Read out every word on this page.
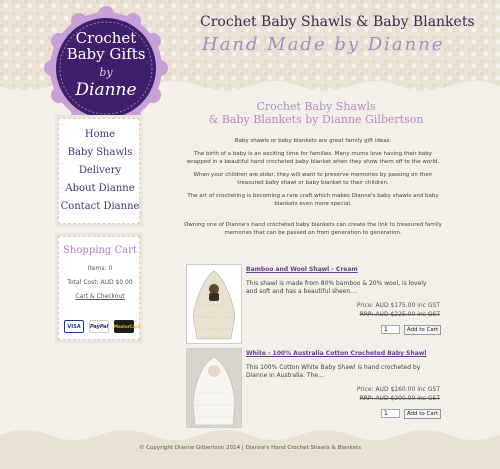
Crochet
Baby Gifts
by
Dianne
Crochet Baby Shawls & Baby Blankets
Hand Made by Dianne
Home
Baby Shawls
Delivery
About Dianne
Contact Dianne
Shopping Cart
Items: 0
Total Cost: AUD $0.00
Cart & Checkout
VISA	PayPal MasterCard
Crochet Baby Shawls
& Baby Blankets by Dianne Gilbertson
Baby shawls or baby blankets are great family gift ideas.
The birth of a baby is an exciting time for families. Many mums love having their baby wrapped in a beautiful hand crocheted baby blanket when they show them off to the world.
When your children are older, they will want to preserve memories by passing on their treasured baby shawl or baby blanket to their children.
The art of crocheting is becoming a rare craft which makes Dianne's baby shawls and baby blankets even more special.
Owning one of Dianne's hand crocheted baby blankets can create the link to treasured family memories that can be passed on from generation to generation.
Bamboo and Wool Shawl - Cream
This shawl is made from 80% bamboo & 20% wool, is lovely and soft and has a beautiful sheen....
Price: AUD $175.00 inc GST
RRP: AUD $225.00 inc GST
1
Add to Cart
White - 100% Australia Cotton Crocheted Baby Shawl
This 100% Cotton White Baby Shawl is hand crocheted by Dianne in Australia. The...
Price: AUD $160.00 inc GST
RRP: AUD $200.00 inc GST
1
Add to Cart
© Copyright Dianne Gilbertson 2014 | Dianne's Hand Crochet Shawls & Blankets
